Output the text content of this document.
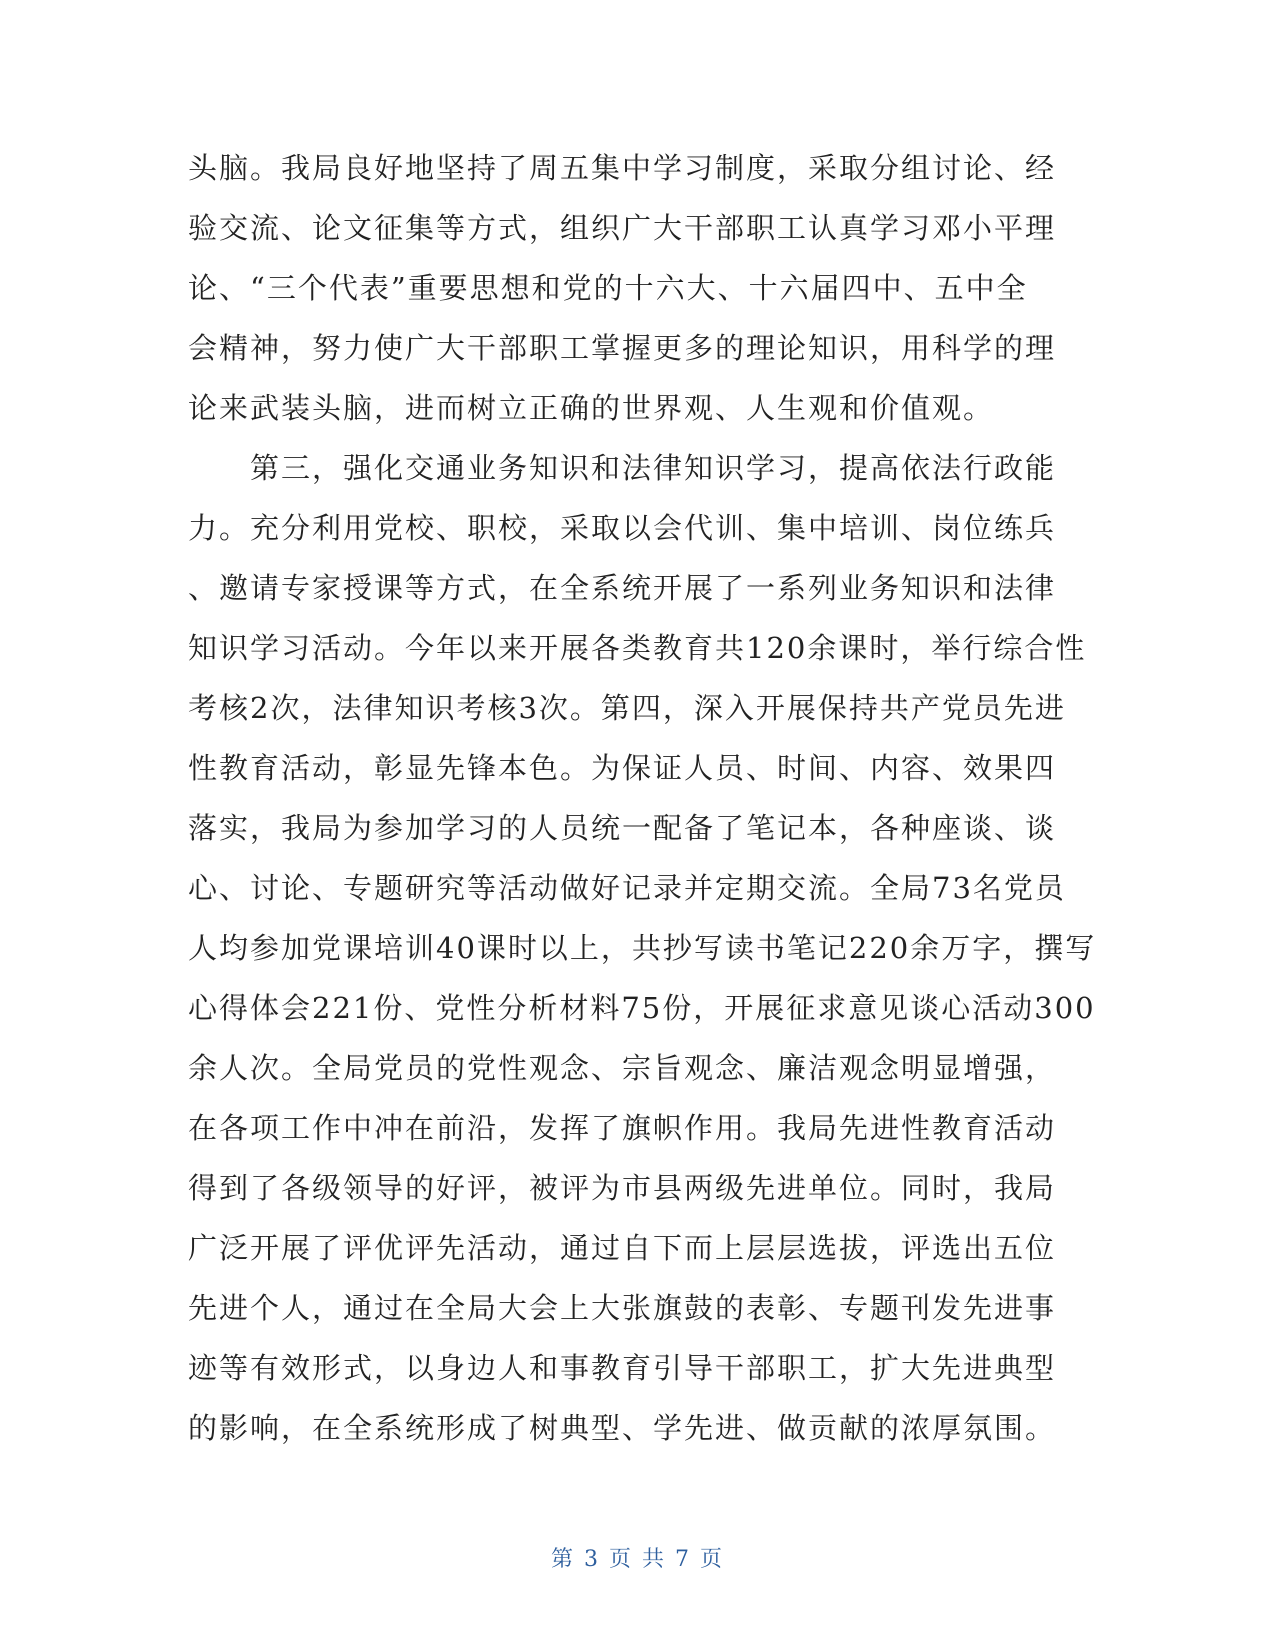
头脑。我局良好地坚持了周五集中学习制度，采取分组讨论、经
验交流、论文征集等方式，组织广大干部职工认真学习邓小平理
论、“三个代表”重要思想和党的十六大、十六届四中、五中全
会精神，努力使广大干部职工掌握更多的理论知识，用科学的理
论来武装头脑，进而树立正确的世界观、人生观和价值观。
　　第三，强化交通业务知识和法律知识学习，提高依法行政能
力。充分利用党校、职校，采取以会代训、集中培训、岗位练兵
、邀请专家授课等方式，在全系统开展了一系列业务知识和法律
知识学习活动。今年以来开展各类教育共120余课时，举行综合性
考核2次，法律知识考核3次。第四，深入开展保持共产党员先进
性教育活动，彰显先锋本色。为保证人员、时间、内容、效果四
落实，我局为参加学习的人员统一配备了笔记本，各种座谈、谈
心、讨论、专题研究等活动做好记录并定期交流。全局73名党员
人均参加党课培训40课时以上，共抄写读书笔记220余万字，撰写
心得体会221份、党性分析材料75份，开展征求意见谈心活动300
余人次。全局党员的党性观念、宗旨观念、廉洁观念明显增强，
在各项工作中冲在前沿，发挥了旗帜作用。我局先进性教育活动
得到了各级领导的好评，被评为市县两级先进单位。同时，我局
广泛开展了评优评先活动，通过自下而上层层选拔，评选出五位
先进个人，通过在全局大会上大张旗鼓的表彰、专题刊发先进事
迹等有效形式，以身边人和事教育引导干部职工，扩大先进典型
的影响，在全系统形成了树典型、学先进、做贡献的浓厚氛围。
第 3 页 共 7 页
